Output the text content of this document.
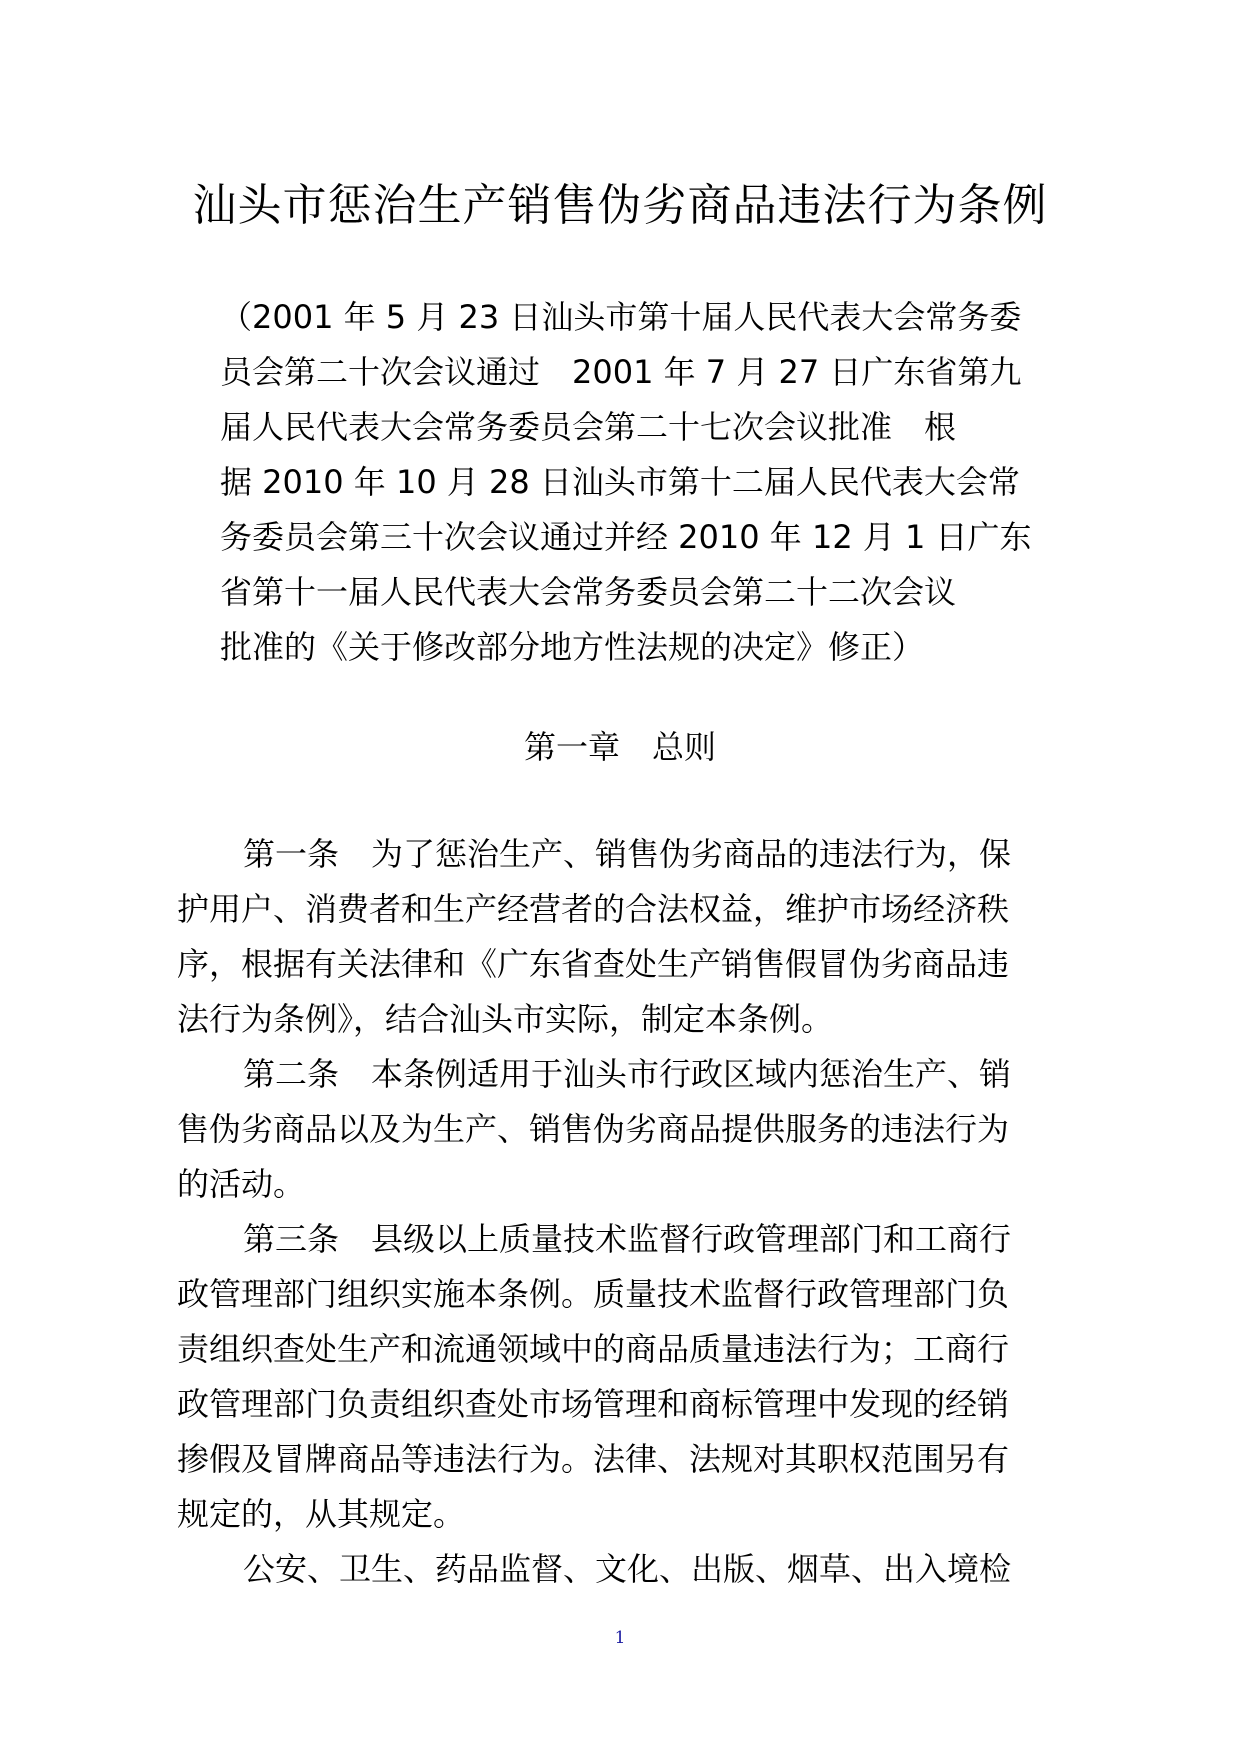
汕头市惩治生产销售伪劣商品违法行为条例
（2001 年 5 月 23 日汕头市第十届人民代表大会常务委
员会第二十次会议通过　2001 年 7 月 27 日广东省第九
届人民代表大会常务委员会第二十七次会议批准　根
据 2010 年 10 月 28 日汕头市第十二届人民代表大会常
务委员会第三十次会议通过并经 2010 年 12 月 1 日广东
省第十一届人民代表大会常务委员会第二十二次会议
批准的《关于修改部分地方性法规的决定》修正）
第一章　总则
第一条　为了惩治生产、销售伪劣商品的违法行为，保
护用户、消费者和生产经营者的合法权益，维护市场经济秩
序，根据有关法律和《广东省查处生产销售假冒伪劣商品违
法行为条例》，结合汕头市实际，制定本条例。
第二条　本条例适用于汕头市行政区域内惩治生产、销
售伪劣商品以及为生产、销售伪劣商品提供服务的违法行为
的活动。
第三条　县级以上质量技术监督行政管理部门和工商行
政管理部门组织实施本条例。质量技术监督行政管理部门负
责组织查处生产和流通领域中的商品质量违法行为；工商行
政管理部门负责组织查处市场管理和商标管理中发现的经销
掺假及冒牌商品等违法行为。法律、法规对其职权范围另有
规定的，从其规定。
公安、卫生、药品监督、文化、出版、烟草、出入境检
1
